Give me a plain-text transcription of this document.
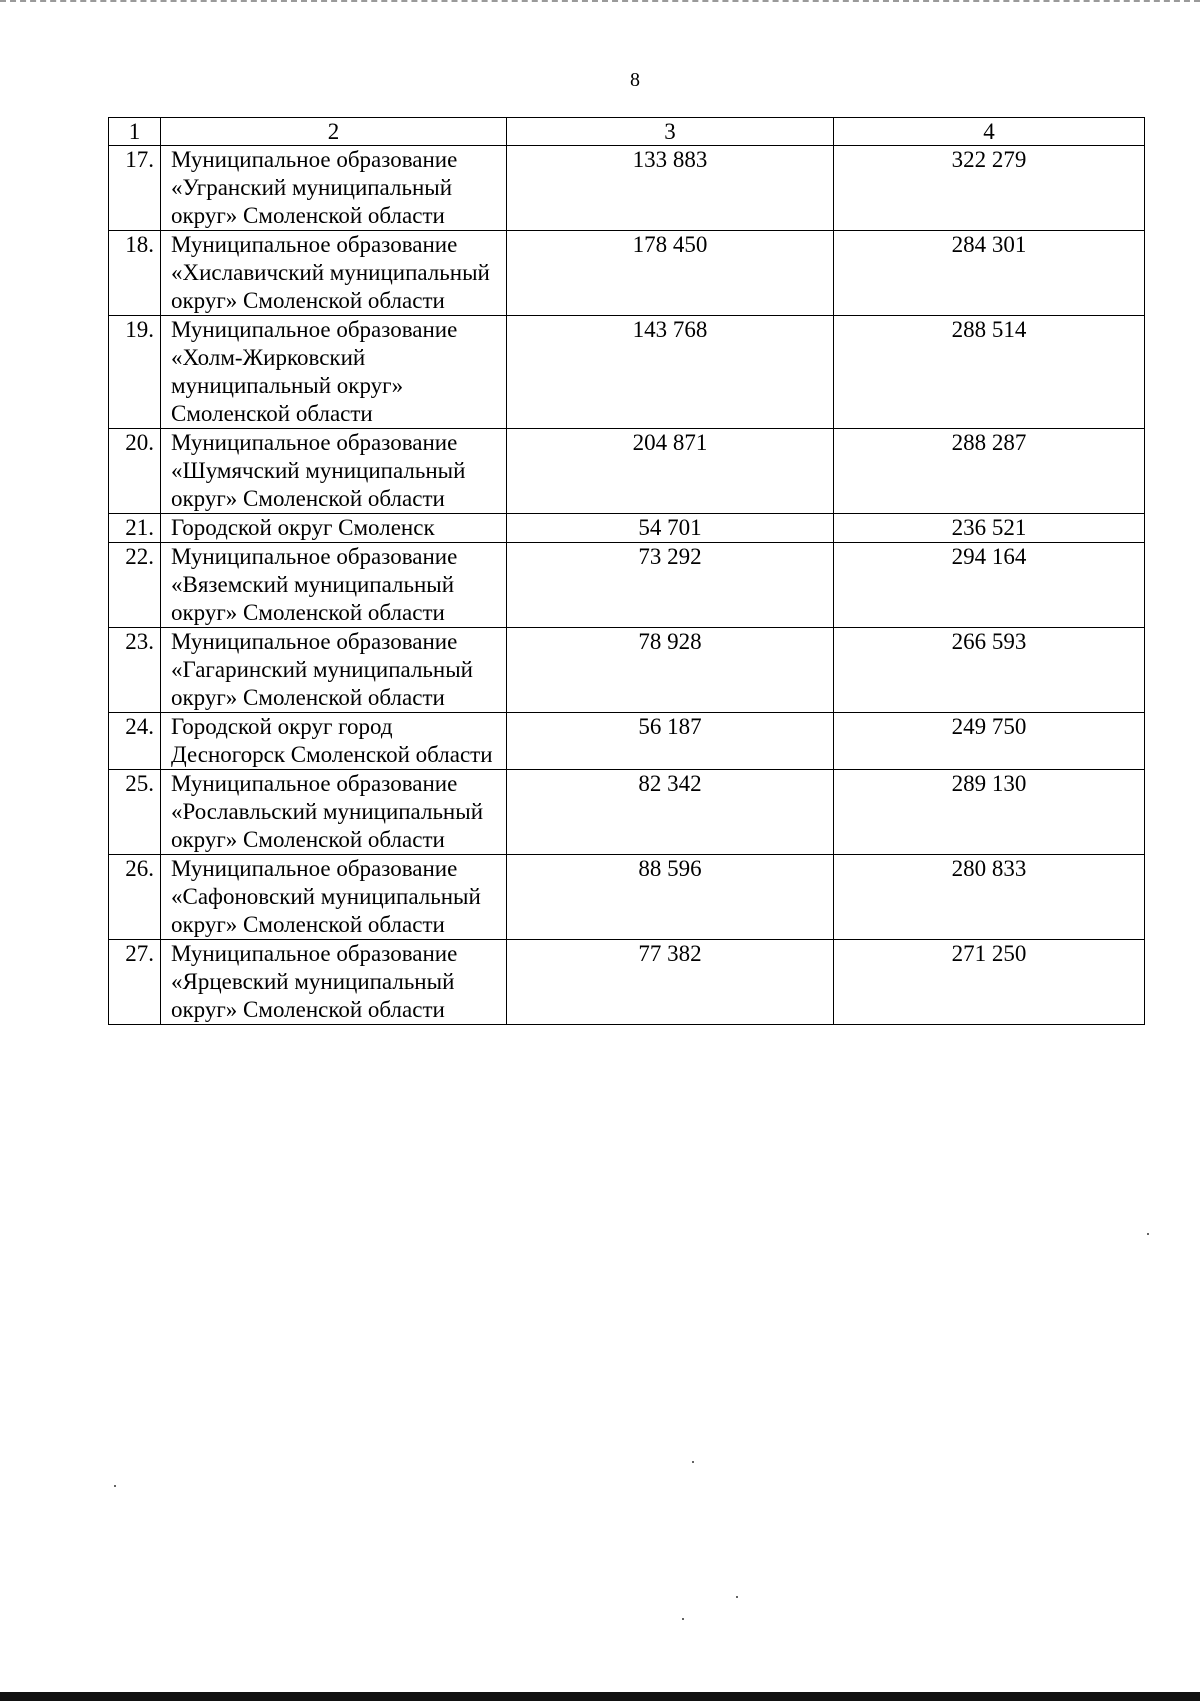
8
1	2	3	4
17.	Муниципальное образование «Угранский муниципальный округ» Смоленской области	133 883	322 279
18.	Муниципальное образование «Хиславичский муниципальный округ» Смоленской области	178 450	284 301
19.	Муниципальное образование «Холм-Жирковский муниципальный округ» Смоленской области	143 768	288 514
20.	Муниципальное образование «Шумячский муниципальный округ» Смоленской области	204 871	288 287
21.	Городской округ Смоленск	54 701	236 521
22.	Муниципальное образование «Вяземский муниципальный округ» Смоленской области	73 292	294 164
23.	Муниципальное образование «Гагаринский муниципальный округ» Смоленской области	78 928	266 593
24.	Городской округ город Десногорск Смоленской области	56 187	249 750
25.	Муниципальное образование «Рославльский муниципальный округ» Смоленской области	82 342	289 130
26.	Муниципальное образование «Сафоновский муниципальный округ» Смоленской области	88 596	280 833
27.	Муниципальное образование «Ярцевский муниципальный округ» Смоленской области	77 382	271 250
